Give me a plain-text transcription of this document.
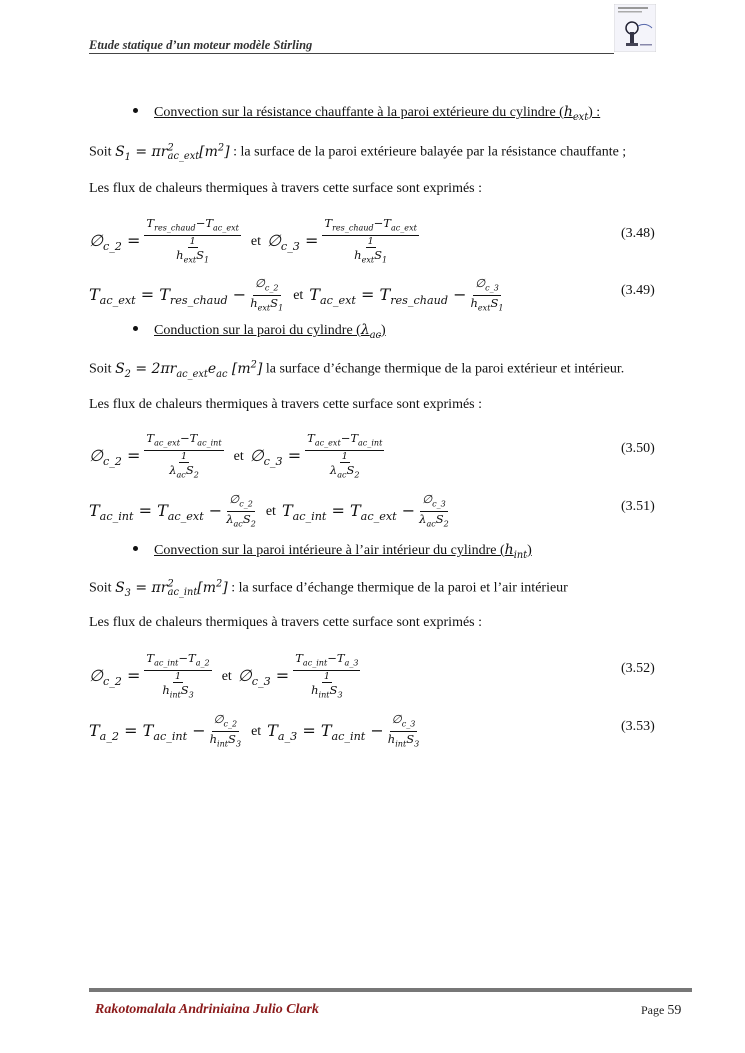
Etude statique d’un moteur modèle Stirling
Convection sur la résistance chauffante à la paroi extérieure du cylindre $(h_{ext})$ :
Soit $S_1 = \pi r^2_{ac\_ext}[m^2]$ : la surface de la paroi extérieure balayée par la résistance chauffante ;
Les flux de chaleurs thermiques à travers cette surface sont exprimés :
$\emptyset_{c\_2} = T_{res\_chaud}-T_{ac\_ext}$
1
$h_{ext}S_1$ et $\emptyset_{c\_3} = T_{res\_chaud}-T_{ac\_ext}$
1
$h_{ext}S_1$	(3.48)
$T_{ac\_ext} = T_{res\_chaud} - \frac{\emptyset_{c\_2}}{h_{ext}S_1}$ et $T_{ac\_ext} = T_{res\_chaud} - \frac{\emptyset_{c\_3}}{h_{ext}S_1}$	(3.49)
Conduction sur la paroi du cylindre $(\lambda_{ac})$
Soit $S_2 = 2\pi r_{ac\_ext}e_{ac}$ $[m^2]$ la surface d’échange thermique de la paroi extérieur et intérieur.
Les flux de chaleurs thermiques à travers cette surface sont exprimés :
$\emptyset_{c\_2} = T_{ac\_ext}-T_{ac\_int}$
1
$\lambda_{ac}S_2$ et $\emptyset_{c\_3} = T_{ac\_ext}-T_{ac\_int}$
1
$\lambda_{ac}S_2$	(3.50)
$T_{ac\_int} = T_{ac\_ext} - \frac{\emptyset_{c\_2}}{\lambda_{ac}S_2}$ et $T_{ac\_int} = T_{ac\_ext} - \frac{\emptyset_{c\_3}}{\lambda_{ac}S_2}$	(3.51)
Convection sur la paroi intérieure à l’air intérieur du cylindre $(h_{int})$
Soit $S_3 = \pi r^2_{ac\_int}[m^2]$ : la surface d’échange thermique de la paroi et l’air intérieur
Les flux de chaleurs thermiques à travers cette surface sont exprimés :
$\emptyset_{c\_2} = T_{ac\_int}-T_{a\_2}$
1
$h_{int}S_3$ et $\emptyset_{c\_3} = T_{ac\_int}-T_{a\_3}$
1
$h_{int}S_3$	(3.52)
$T_{a\_2} = T_{ac\_int} - \frac{\emptyset_{c\_2}}{h_{int}S_3}$ et $T_{a\_3} = T_{ac\_int} - \frac{\emptyset_{c\_3}}{h_{int}S_3}$	(3.53)
Rakotomalala Andriniaina Julio Clark	Page 59
